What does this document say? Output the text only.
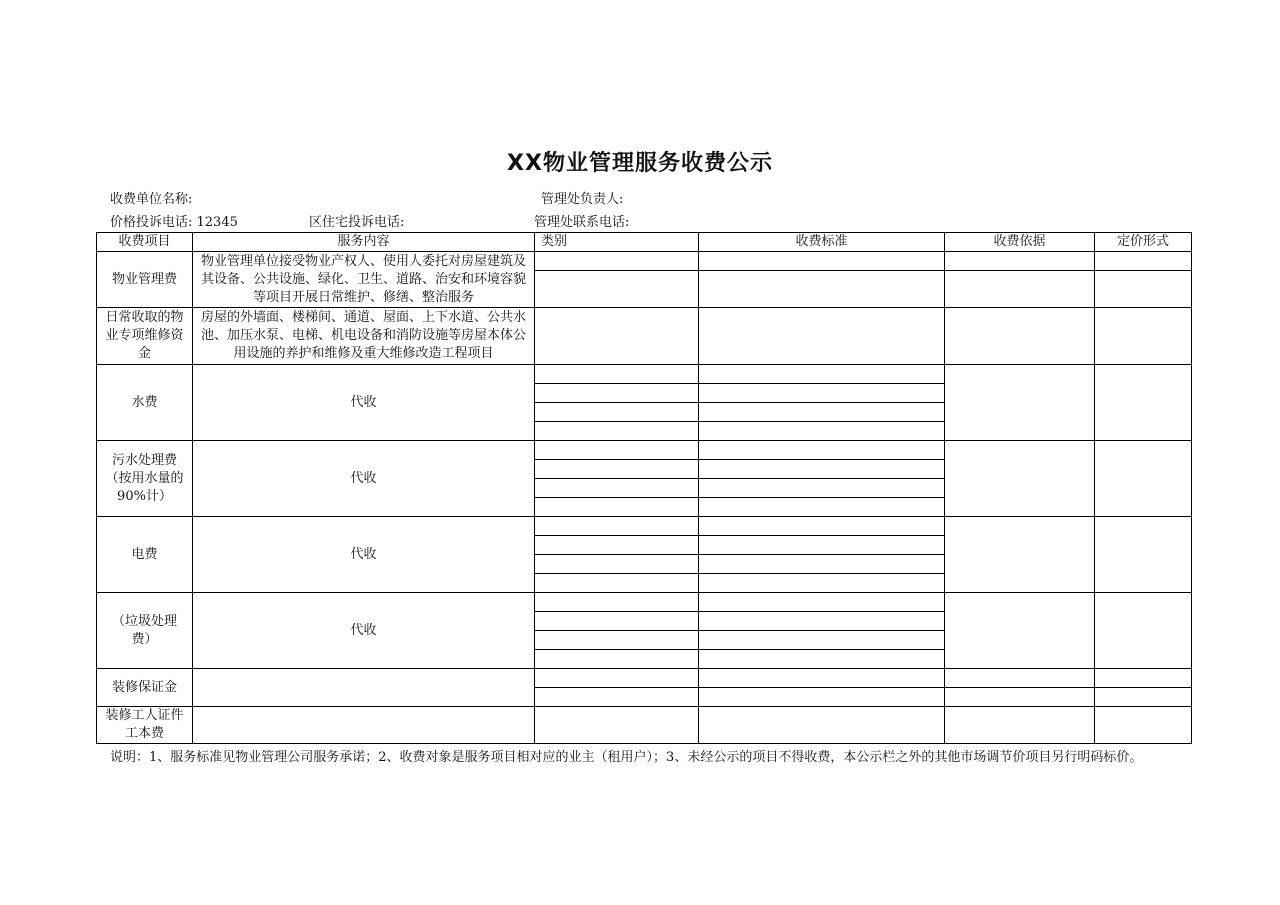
XX物业管理服务收费公示
收费单位名称:	管理处负责人:
价格投诉电话: 12345	区住宅投诉电话:	管理处联系电话:
收费项目	服务内容	类别	收费标准	收费依据	定价形式
物业管理费	物业管理单位接受物业产权人、使用人委托对房屋建筑及其设备、公共设施、绿化、卫生、道路、治安和环境容貌等项目开展日常维护、修缮、整治服务				

日常收取的物业专项维修资金	房屋的外墙面、楼梯间、通道、屋面、上下水道、公共水池、加压水泵、电梯、机电设备和消防设施等房屋本体公用设施的养护和维修及重大维修改造工程项目				
水费	代收				

污水处理费（按用水量的90%计）	代收				

电费	代收				

（垃圾处理费）	代收				

装修保证金					

装修工人证件工本费					
说明：1、服务标准见物业管理公司服务承诺；2、收费对象是服务项目相对应的业主（租用户）；3、未经公示的项目不得收费，本公示栏之外的其他市场调节价项目另行明码标价。
